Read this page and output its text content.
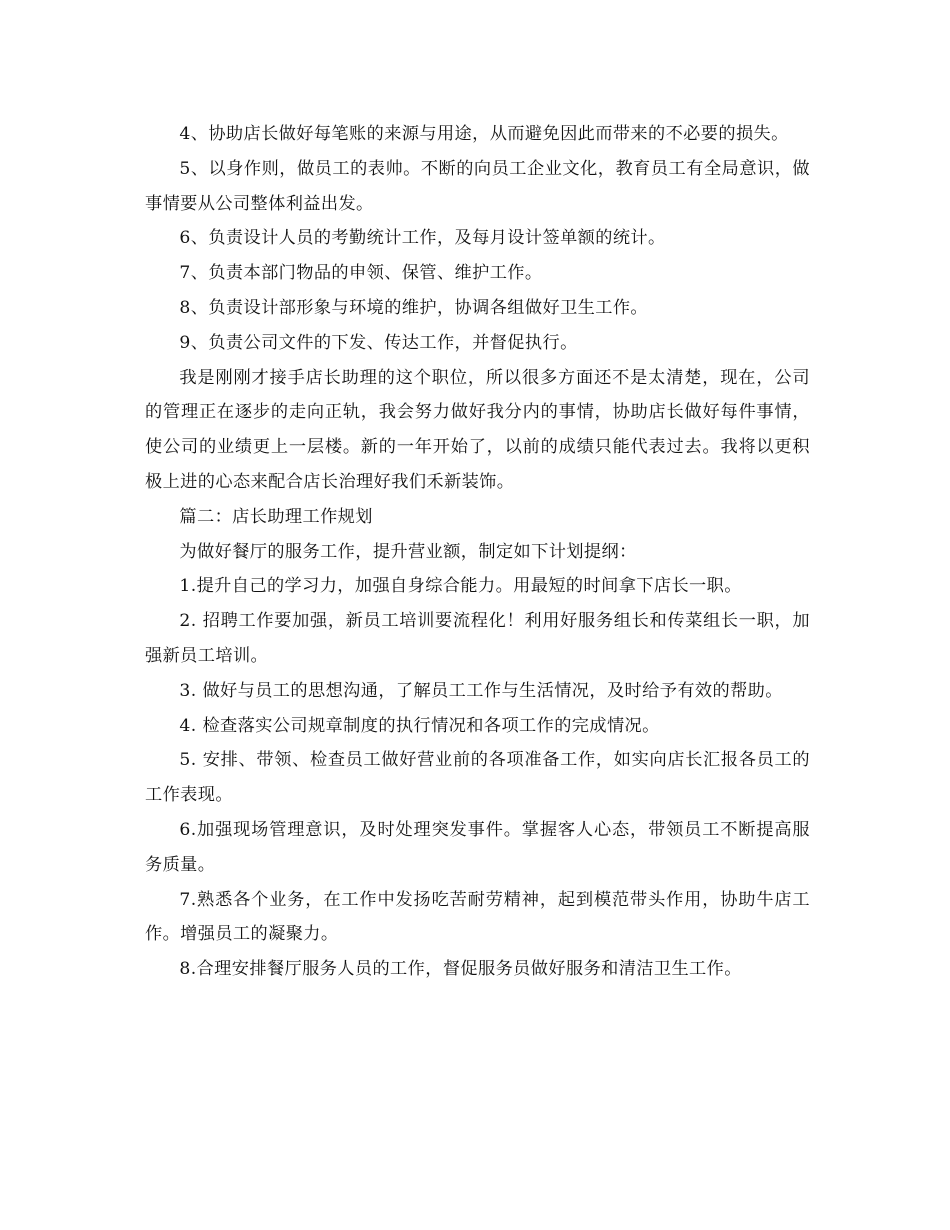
4、协助店长做好每笔账的来源与用途，从而避免因此而带来的不必要的损失。

5、以身作则，做员工的表帅。不断的向员工企业文化，教育员工有全局意识，做事情要从公司整体利益出发。

6、负责设计人员的考勤统计工作，及每月设计签单额的统计。

7、负责本部门物品的申领、保管、维护工作。

8、负责设计部形象与环境的维护，协调各组做好卫生工作。

9、负责公司文件的下发、传达工作，并督促执行。

我是刚刚才接手店长助理的这个职位，所以很多方面还不是太清楚，现在，公司的管理正在逐步的走向正轨，我会努力做好我分内的事情，协助店长做好每件事情，使公司的业绩更上一层楼。新的一年开始了，以前的成绩只能代表过去。我将以更积极上进的心态来配合店长治理好我们禾新装饰。

篇二：店长助理工作规划

为做好餐厅的服务工作，提升营业额，制定如下计划提纲：

1.提升自己的学习力，加强自身综合能力。用最短的时间拿下店长一职。

2. 招聘工作要加强，新员工培训要流程化！利用好服务组长和传菜组长一职，加强新员工培训。

3. 做好与员工的思想沟通，了解员工工作与生活情况，及时给予有效的帮助。

4. 检查落实公司规章制度的执行情况和各项工作的完成情况。

5. 安排、带领、检查员工做好营业前的各项准备工作，如实向店长汇报各员工的工作表现。

6.加强现场管理意识，及时处理突发事件。掌握客人心态，带领员工不断提高服务质量。

7.熟悉各个业务，在工作中发扬吃苦耐劳精神，起到模范带头作用，协助牛店工作。增强员工的凝聚力。

8.合理安排餐厅服务人员的工作，督促服务员做好服务和清洁卫生工作。
